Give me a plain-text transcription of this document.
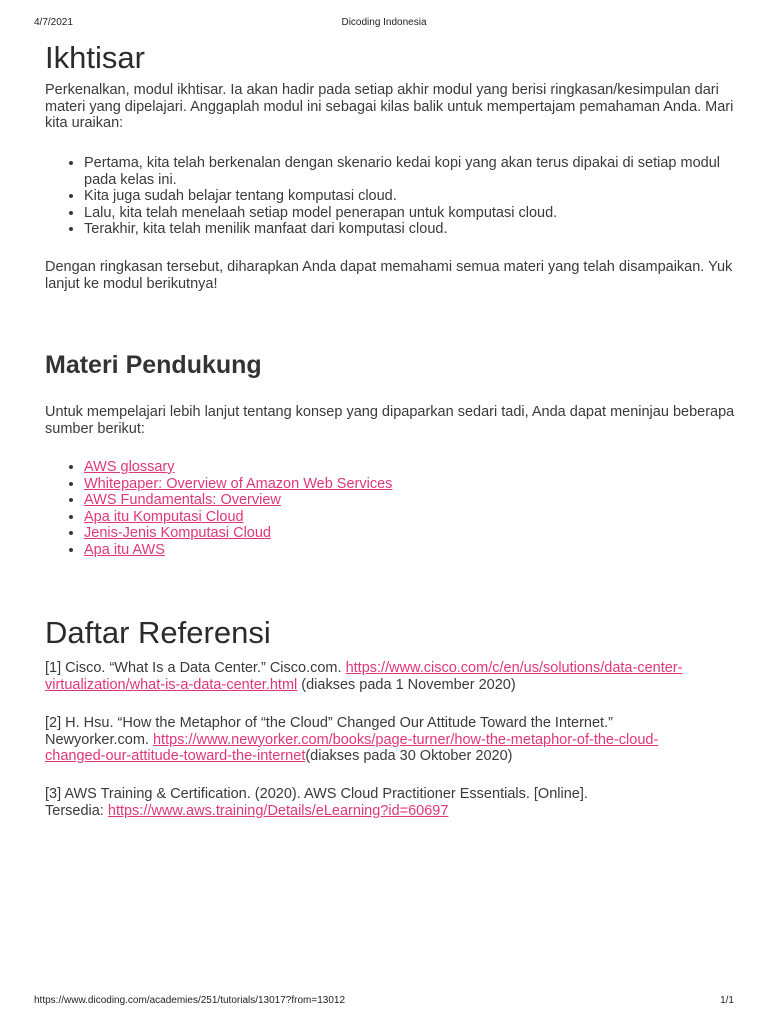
4/7/2021	Dicoding Indonesia
Ikhtisar

Perkenalkan, modul ikhtisar. Ia akan hadir pada setiap akhir modul yang berisi ringkasan/kesimpulan dari materi yang dipelajari. Anggaplah modul ini sebagai kilas balik untuk mempertajam pemahaman Anda. Mari kita uraikan:

• Pertama, kita telah berkenalan dengan skenario kedai kopi yang akan terus dipakai di setiap modul pada kelas ini.
• Kita juga sudah belajar tentang komputasi cloud.
• Lalu, kita telah menelaah setiap model penerapan untuk komputasi cloud.
• Terakhir, kita telah menilik manfaat dari komputasi cloud.

Dengan ringkasan tersebut, diharapkan Anda dapat memahami semua materi yang telah disampaikan. Yuk lanjut ke modul berikutnya!

Materi Pendukung

Untuk mempelajari lebih lanjut tentang konsep yang dipaparkan sedari tadi, Anda dapat meninjau beberapa sumber berikut:

• AWS glossary
• Whitepaper: Overview of Amazon Web Services
• AWS Fundamentals: Overview
• Apa itu Komputasi Cloud
• Jenis-Jenis Komputasi Cloud
• Apa itu AWS
Daftar Referensi

[1] Cisco. “What Is a Data Center.” Cisco.com. https://www.cisco.com/c/en/us/solutions/data-center-virtualization/what-is-a-data-center.html (diakses pada 1 November 2020)

[2] H. Hsu. “How the Metaphor of “the Cloud” Changed Our Attitude Toward the Internet.” Newyorker.com. https://www.newyorker.com/books/page-turner/how-the-metaphor-of-the-cloud-changed-our-attitude-toward-the-internet(diakses pada 30 Oktober 2020)

[3] AWS Training & Certification. (2020). AWS Cloud Practitioner Essentials. [Online]. Tersedia: https://www.aws.training/Details/eLearning?id=60697

https://www.dicoding.com/academies/251/tutorials/13017?from=13012	1/1
